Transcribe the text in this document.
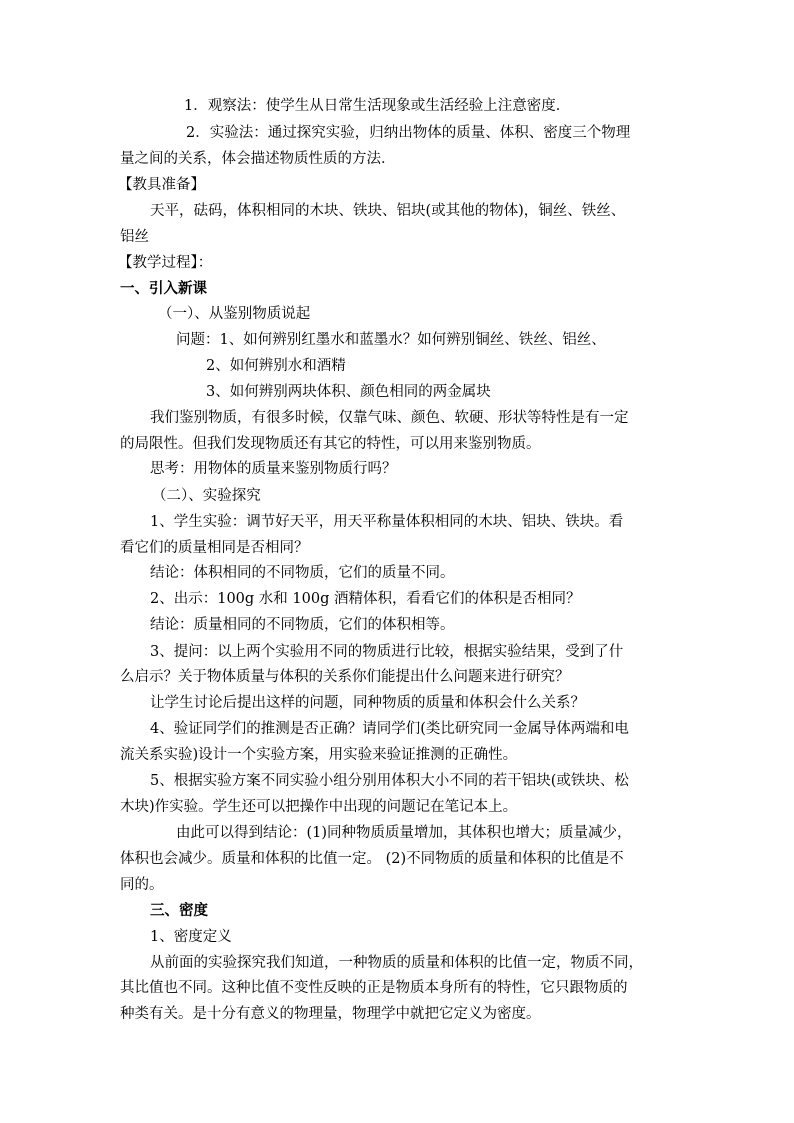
1．观察法：使学生从日常生活现象或生活经验上注意密度．
2．实验法：通过探究实验，归纳出物体的质量、体积、密度三个物理
量之间的关系，体会描述物质性质的方法．
【教具准备】
天平，砝码，体积相同的木块、铁块、铝块(或其他的物体)，铜丝、铁丝、
铝丝
【教学过程】：
一、引入新课
（一）、从鉴别物质说起
问题：1、如何辨别红墨水和蓝墨水？如何辨别铜丝、铁丝、铝丝、
2、如何辨别水和酒精
3、如何辨别两块体积、颜色相同的两金属块
我们鉴别物质，有很多时候，仅靠气味、颜色、软硬、形状等特性是有一定
的局限性。但我们发现物质还有其它的特性，可以用来鉴别物质。
思考：用物体的质量来鉴别物质行吗？
（二）、实验探究
1、学生实验：调节好天平，用天平称量体积相同的木块、铝块、铁块。看
看它们的质量相同是否相同？
结论：体积相同的不同物质，它们的质量不同。
2、出示：100g 水和 100g 酒精体积，看看它们的体积是否相同？
结论：质量相同的不同物质，它们的体积相等。
3、提问：以上两个实验用不同的物质进行比较，根据实验结果，受到了什
么启示？关于物体质量与体积的关系你们能提出什么问题来进行研究？
让学生讨论后提出这样的问题，同种物质的质量和体积会什么关系？
4、验证同学们的推测是否正确？请同学们(类比研究同一金属导体两端和电
流关系实验)设计一个实验方案，用实验来验证推测的正确性。
5、根据实验方案不同实验小组分别用体积大小不同的若干铝块(或铁块、松
木块)作实验。学生还可以把操作中出现的问题记在笔记本上。
由此可以得到结论：(1)同种物质质量增加，其体积也增大；质量减少，
体积也会减少。质量和体积的比值一定。 (2)不同物质的质量和体积的比值是不
同的。
三、密度
1、密度定义
从前面的实验探究我们知道，一种物质的质量和体积的比值一定，物质不同，
其比值也不同。这种比值不变性反映的正是物质本身所有的特性，它只跟物质的
种类有关。是十分有意义的物理量，物理学中就把它定义为密度。
